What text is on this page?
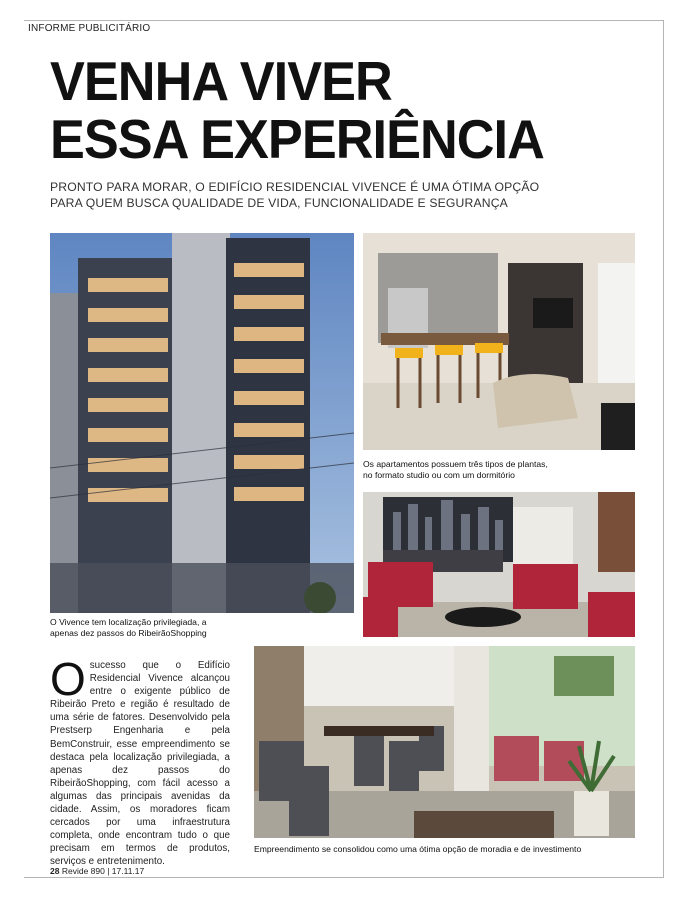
INFORME PUBLICITÁRIO
VENHA VIVER
ESSA EXPERIÊNCIA
PRONTO PARA MORAR, O EDIFÍCIO RESIDENCIAL VIVENCE É UMA ÓTIMA OPÇÃO
PARA QUEM BUSCA QUALIDADE DE VIDA, FUNCIONALIDADE E SEGURANÇA
O Vivence tem localização privilegiada, a
apenas dez passos do RibeirãoShopping
Os apartamentos possuem três tipos de plantas,
no formato studio ou com um dormitório
Empreendimento se consolidou como uma ótima opção de moradia e de investimento
O sucesso que o Edifício Residencial Vivence alcançou entre o exigente público de Ribeirão Preto e região é resultado de uma série de fatores. Desenvolvido pela Prestserp Engenharia e pela BemConstruir, esse empreendimento se destaca pela localização privilegiada, a apenas dez passos do RibeirãoShopping, com fácil acesso a algumas das principais avenidas da cidade. Assim, os moradores ficam cercados por uma infraestrutura completa, onde encontram tudo o que precisam em termos de produtos, serviços e entretenimento.
28 Revide 890 | 17.11.17
